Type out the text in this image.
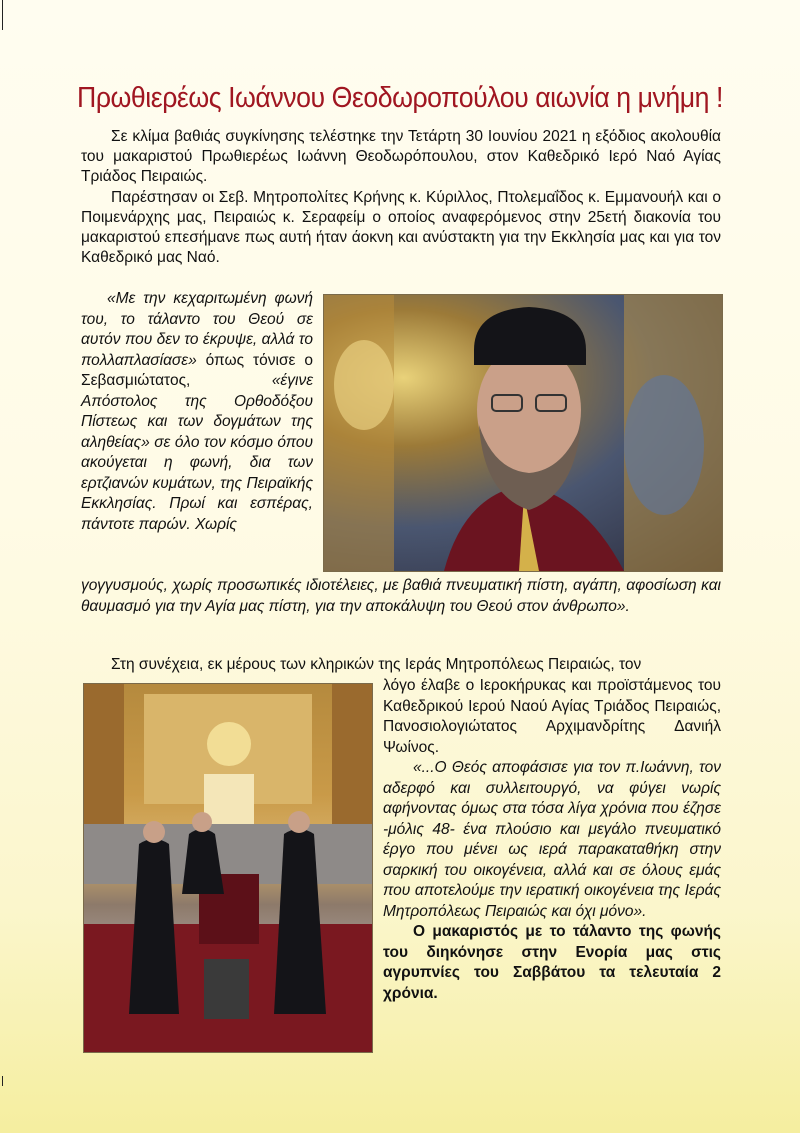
Πρωθιερέως Ιωάννου Θεοδωροπούλου αιωνία η μνήμη !

Σε κλίμα βαθιάς συγκίνησης τελέστηκε την Τετάρτη 30 Ιουνίου 2021 η εξόδιος ακολουθία του μακαριστού Πρωθιερέως Ιωάννη Θεοδωρόπουλου, στον Καθεδρικό Ιερό Ναό Αγίας Τριάδος Πειραιώς.

Παρέστησαν οι Σεβ. Μητροπολίτες Κρήνης κ. Κύριλλος, Πτολεμαΐδος κ. Εμμανουήλ και ο Ποιμενάρχης μας, Πειραιώς κ. Σεραφείμ ο οποίος αναφερόμενος στην 25ετή διακονία του μακαριστού επεσήμανε πως αυτή ήταν άοκνη και ανύστακτη για την Εκκλησία μας και για τον Καθεδρικό μας Ναό.

«Με την κεχαριτωμένη φωνή του, το τάλαντο του Θεού σε αυτόν που δεν το έκρυψε, αλλά το πολλαπλασίασε» όπως τόνισε ο Σεβασμιώτατος, «έγινε Απόστολος της Ορθοδόξου Πίστεως και των δογμάτων της αληθείας» σε όλο τον κόσμο όπου ακούγεται η φωνή, δια των ερτζιανών κυμάτων, της Πειραϊκής Εκκλησίας. Πρωί και εσπέρας, πάντοτε παρών. Χωρίς

γογγυσμούς, χωρίς προσωπικές ιδιοτέλειες, με βαθιά πνευματική πίστη, αγάπη, αφοσίωση και θαυμασμό για την Αγία μας πίστη, για την αποκάλυψη του Θεού στον άνθρωπο».

Στη συνέχεια, εκ μέρους των κληρικών της Ιεράς Μητροπόλεως Πειραιώς, τον

λόγο έλαβε ο Ιεροκήρυκας και προϊστάμενος του Καθεδρικού Ιερού Ναού Αγίας Τριάδος Πειραιώς, Πανοσιολογιώτατος Αρχιμανδρίτης Δανιήλ Ψωίνος.

«...Ο Θεός αποφάσισε για τον π.Ιωάννη, τον αδερφό και συλλειτουργό, να φύγει νωρίς αφήνοντας όμως στα τόσα λίγα χρόνια που έζησε -μόλις 48- ένα πλούσιο και μεγάλο πνευματικό έργο που μένει ως ιερά παρακαταθήκη στην σαρκική του οικογένεια, αλλά και σε όλους εμάς που αποτελούμε την ιερατική οικογένεια της Ιεράς Μητροπόλεως Πειραιώς και όχι μόνο».

Ο μακαριστός με το τάλαντο της φωνής του διηκόνησε στην Ενορία μας στις αγρυπνίες του Σαββάτου τα τελευταία 2 χρόνια.
